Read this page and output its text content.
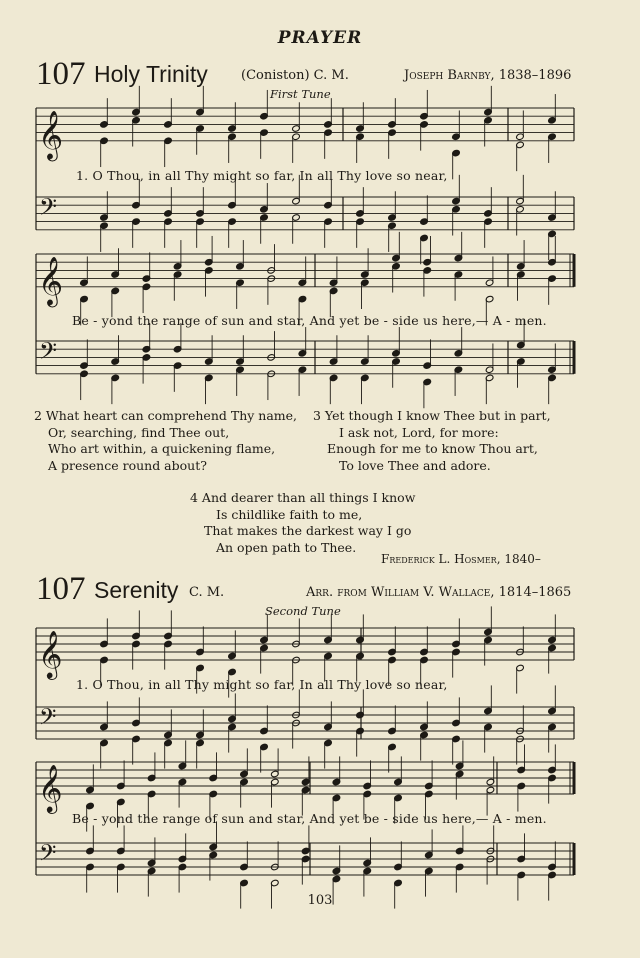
PRAYER
107 Holy Trinity	(Coniston) C. M.	Joseph Barnby, 1838–1896
First Tune
1. O Thou, in all Thy might so far, In all Thy love so near,
Be - yond the range of sun and star, And yet be - side us here,— A - men.
2 What heart can comprehend Thy name,
Or, searching, find Thee out,
Who art within, a quickening flame,
A presence round about?
3 Yet though I know Thee but in part,
I ask not, Lord, for more:
Enough for me to know Thou art,
To love Thee and adore.
4 And dearer than all things I know
Is childlike faith to me,
That makes the darkest way I go
An open path to Thee.
Frederick L. Hosmer, 1840–
107 Serenity C. M.	Arr. from William V. Wallace, 1814–1865
Second Tune
1. O Thou, in all Thy might so far, In all Thy love so near,
Be - yond the range of sun and star, And yet be - side us here,— A - men.
103
𝄞
𝄢
𝄞
𝄢
𝄞
𝄢
𝄞
𝄢
